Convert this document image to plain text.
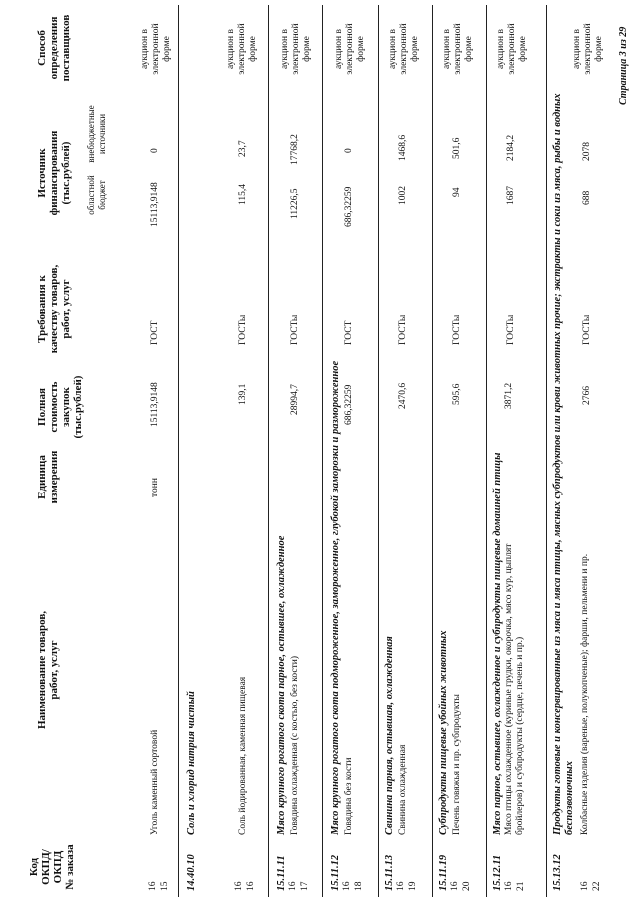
Код ОКПД/ ОКПД № заказа
Наименование товаров, работ, услуг
Единица измерения
Полная стоимость закупок (тыс.рублей)
Требования к качеству товаров, работ, услуг
Источник финансирования (тыс.рублей) областной бюджет
внебюджетные источники
Способ определения поставщиков
16 15
Уголь каменный сортовой
тонн
15113,9148
ГОСТ
15113,9148
0
аукцион в электронной форме
14.40.10
Соль и хлорид натрия чистый
16 16
Соль йодированная, каменная пищевая
139,1
ГОСТы
115,4
23,7
аукцион в электронной форме
15.11.11
Мясо крупного рогатого скота парное, остывшее, охлажденное
16 17
Говядина охлажденная (с костью, без кости)
28994,7
ГОСТы
11226,5
17768,2
аукцион в электронной форме
15.11.12
Мясо крупного рогатого скота подмороженное, замороженное, глубокой заморозки и размороженное
16 18
Говядина без кости
686,32259
ГОСТ
686,32259
0
аукцион в электронной форме
15.11.13
Свинина парная, остывшая, охлажденная
16 19
Свинина охлажденная
2470,6
ГОСТы
1002
1468,6
аукцион в электронной форме
15.11.19
Субпродукты пищевые убойных животных
16 20
Печень говяжья и пр. субпродукты
595,6
ГОСТы
94
501,6
аукцион в электронной форме
15.12.11
Мясо парное, остывшее, охлажденное и субпродукты пищевые домашней птицы
16 21
Мясо птицы охлажденное (куриные грудки, окорочка, мясо кур, цыплят бройлеров) и субпродукты (сердце, печень и пр.)
3871,2
ГОСТы
1687
2184,2
аукцион в электронной форме
15.13.12
Продукты готовые и консервированные из мяса и мяса птицы, мясных субпродуктов или крови животных прочие; экстракты и соки из мяса, рыбы и водных беспозвоночных
16 22
Колбасные изделия (вареные, полукопченые); фарши, пельмени и пр.
2766
ГОСТы
688
2078
аукцион в электронной форме Страница 3 из 29
